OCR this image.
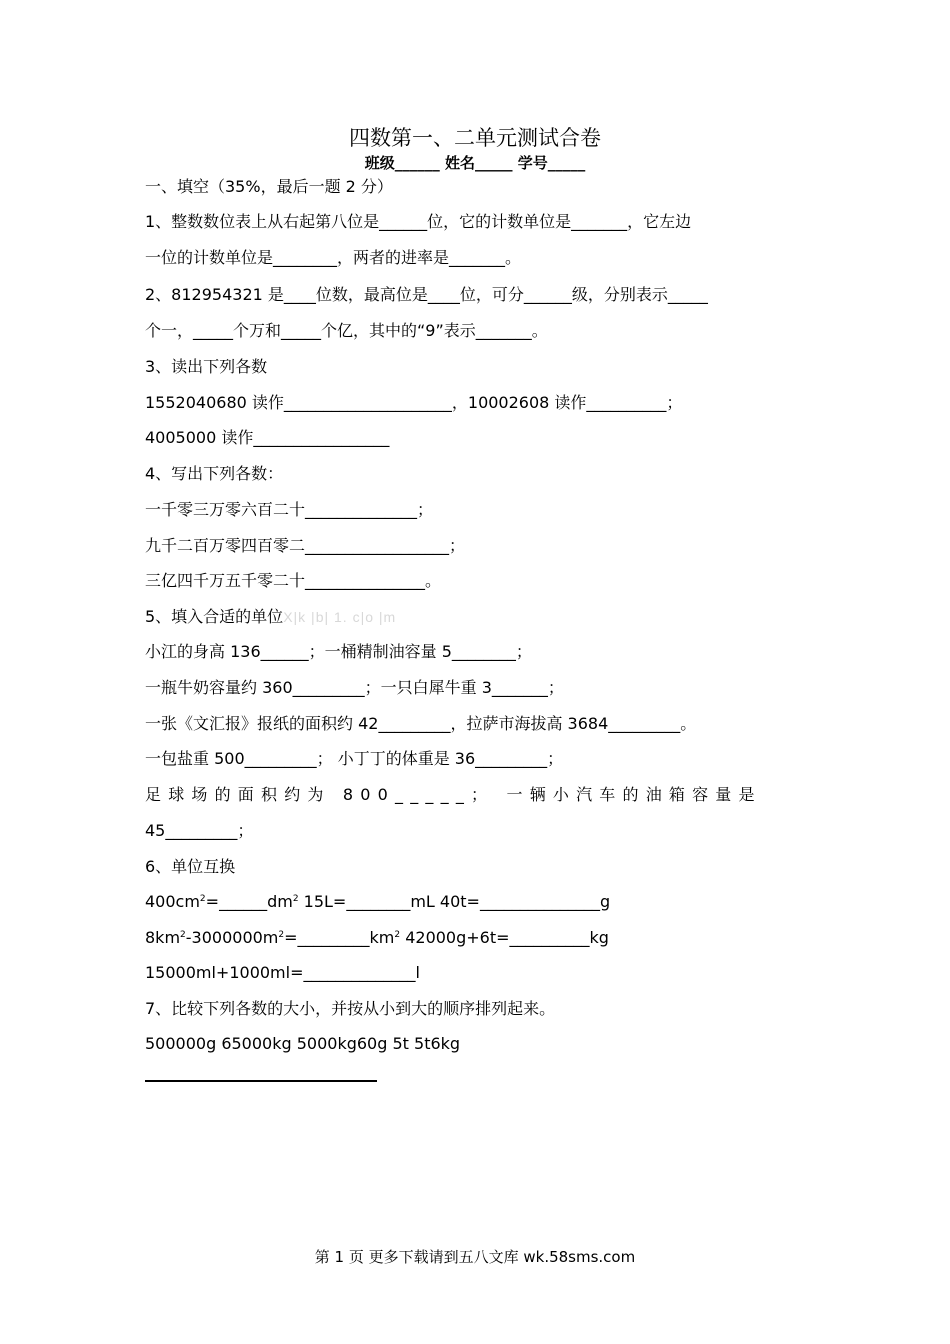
四数第一、二单元测试合卷
班级______ 姓名_____ 学号_____
一、填空（35%，最后一题 2 分）
1、整数数位表上从右起第八位是______位，它的计数单位是_______，它左边
一位的计数单位是________，两者的进率是_______。
2、812954321 是____位数，最高位是____位，可分______级，分别表示_____
个一，_____个万和_____个亿，其中的“9”表示_______。
3、读出下列各数
1552040680 读作_____________________，10002608 读作__________；
4005000 读作_________________
4、写出下列各数：
一千零三万零六百二十______________；
九千二百万零四百零二__________________；
三亿四千万五千零二十_______________。
5、填入合适的单位X|k |b| 1. c|o |m
小江的身高 136______；一桶精制油容量 5________；
一瓶牛奶容量约 360_________；一只白犀牛重 3_______；
一张《文汇报》报纸的面积约 42_________，拉萨市海拔高 3684_________。
一包盐重 500_________； 小丁丁的体重是 36_________；
足球场的面积约为 800_____； 一辆小汽车的油箱容量是
45_________；
6、单位互换
$400cm^2=\_\_\_\_\_\_dm^2$ 15L=________mL 40t=_______________g
$8km^2-3000000m^2=\_\_\_\_\_\_\_\_\_km^2$ 42000g+6t=__________kg
15000ml+1000ml=______________l
7、比较下列各数的大小，并按从小到大的顺序排列起来。
500000g 65000kg 5000kg60g 5t 5t6kg
第 1 页 更多下载请到五八文库 wk.58sms.com
